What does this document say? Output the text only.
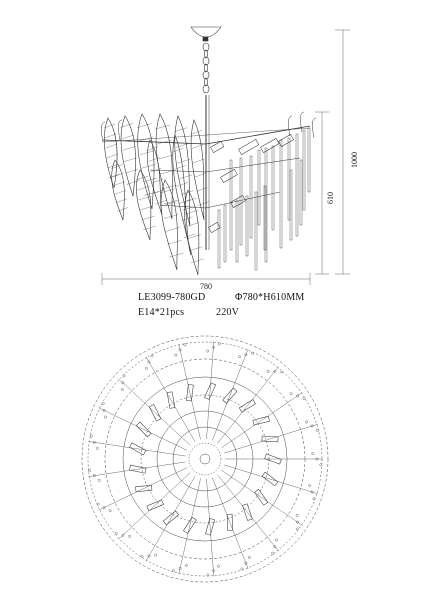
1000
610
780
LE3099-780GD	Φ780*H610MM
E14*21pcs	220V
